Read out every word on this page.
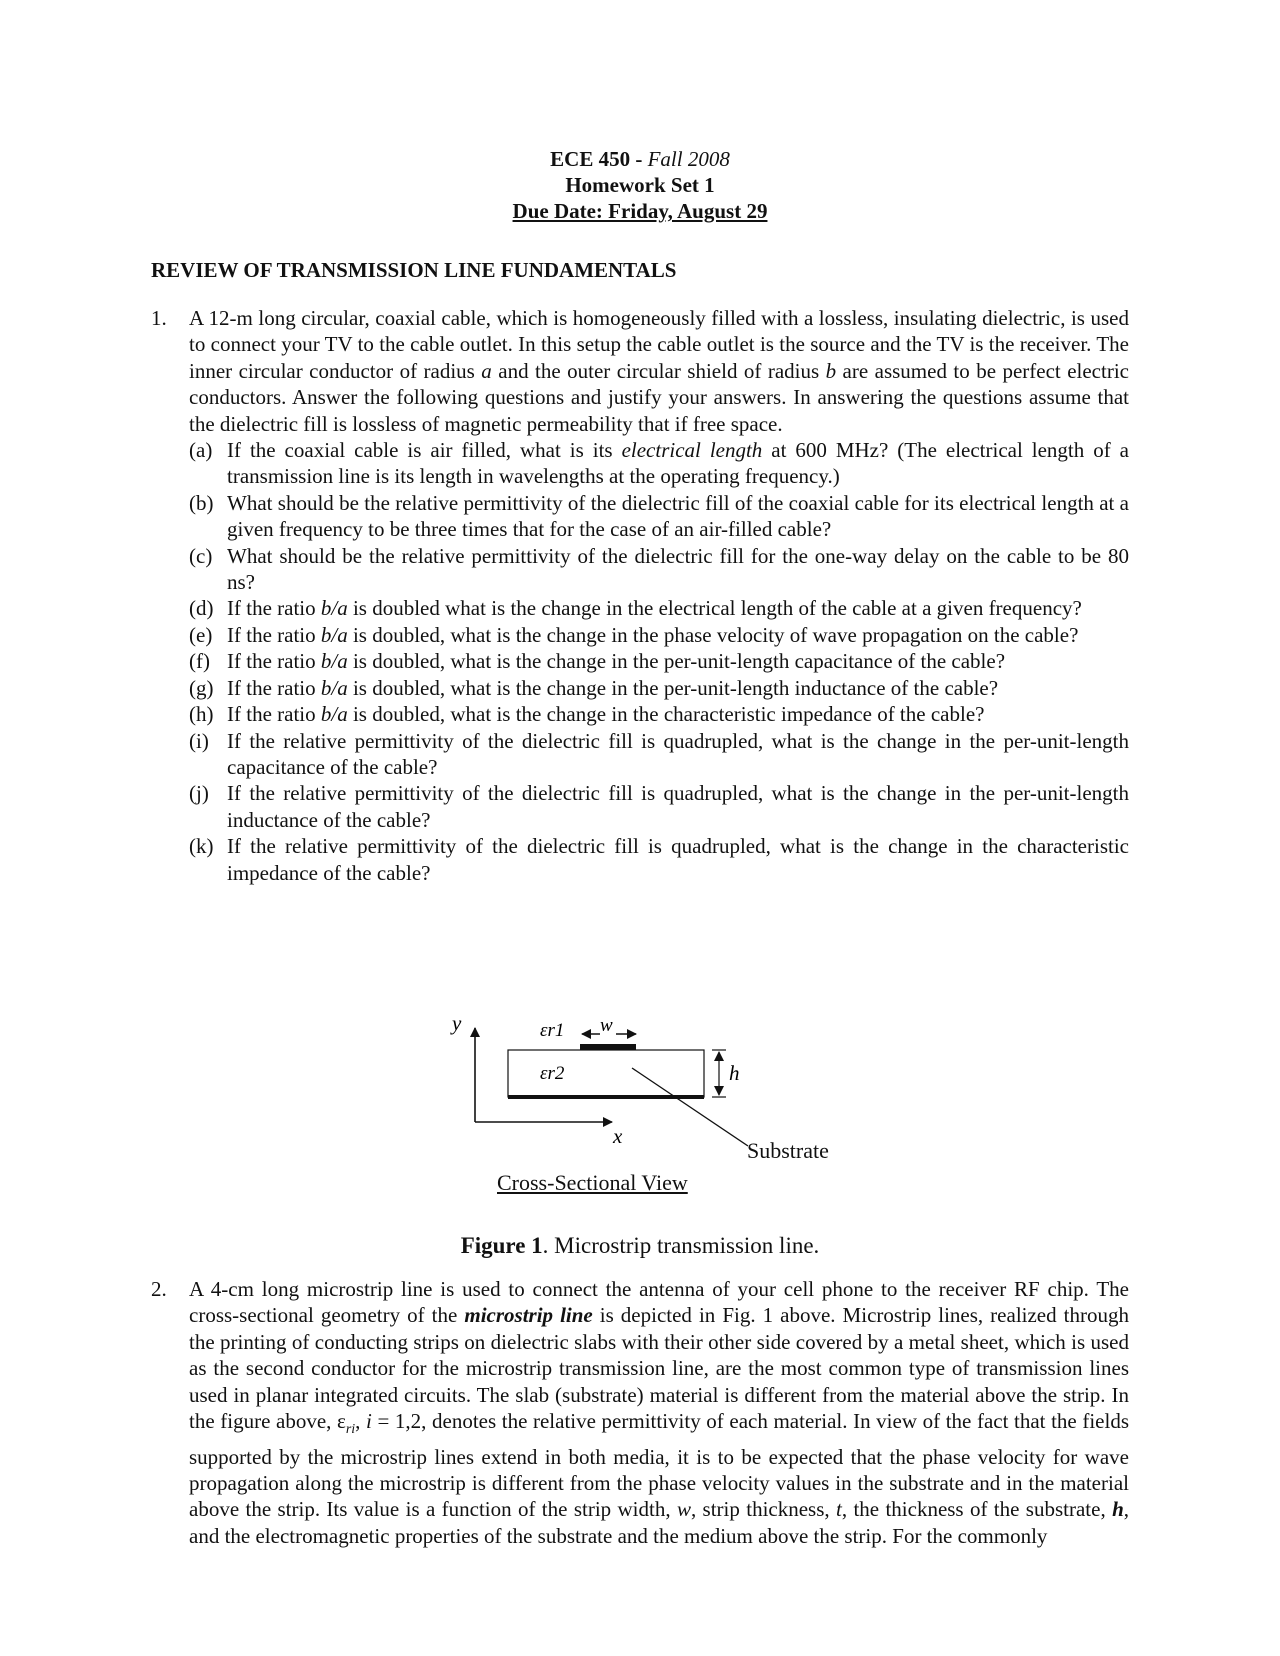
ECE 450 - Fall 2008
Homework Set 1
Due Date: Friday, August 29
REVIEW OF TRANSMISSION LINE FUNDAMENTALS
1. A 12-m long circular, coaxial cable, which is homogeneously filled with a lossless, insulating dielectric, is used to connect your TV to the cable outlet. In this setup the cable outlet is the source and the TV is the receiver. The inner circular conductor of radius a and the outer circular shield of radius b are assumed to be perfect electric conductors. Answer the following questions and justify your answers. In answering the questions assume that the dielectric fill is lossless of magnetic permeability that if free space.
(a) If the coaxial cable is air filled, what is its electrical length at 600 MHz? (The electrical length of a transmission line is its length in wavelengths at the operating frequency.)
(b) What should be the relative permittivity of the dielectric fill of the coaxial cable for its electrical length at a given frequency to be three times that for the case of an air-filled cable?
(c) What should be the relative permittivity of the dielectric fill for the one-way delay on the cable to be 80 ns?
(d) If the ratio b/a is doubled what is the change in the electrical length of the cable at a given frequency?
(e) If the ratio b/a is doubled, what is the change in the phase velocity of wave propagation on the cable?
(f) If the ratio b/a is doubled, what is the change in the per-unit-length capacitance of the cable?
(g) If the ratio b/a is doubled, what is the change in the per-unit-length inductance of the cable?
(h) If the ratio b/a is doubled, what is the change in the characteristic impedance of the cable?
(i) If the relative permittivity of the dielectric fill is quadrupled, what is the change in the per-unit-length capacitance of the cable?
(j) If the relative permittivity of the dielectric fill is quadrupled, what is the change in the per-unit-length inductance of the cable?
(k) If the relative permittivity of the dielectric fill is quadrupled, what is the change in the characteristic impedance of the cable?
y
x
w
εr1
εr2	h
Substrate
Cross-Sectional View
Figure 1. Microstrip transmission line.
2. A 4-cm long microstrip line is used to connect the antenna of your cell phone to the receiver RF chip. The cross-sectional geometry of the microstrip line is depicted in Fig. 1 above. Microstrip lines, realized through the printing of conducting strips on dielectric slabs with their other side covered by a metal sheet, which is used as the second conductor for the microstrip transmission line, are the most common type of transmission lines used in planar integrated circuits. The slab (substrate) material is different from the material above the strip. In the figure above, $\varepsilon_{ri}$, i = 1,2, denotes the relative permittivity of each material. In view of the fact that the fields supported by the microstrip lines extend in both media, it is to be expected that the phase velocity for wave propagation along the microstrip is different from the phase velocity values in the substrate and in the material above the strip. Its value is a function of the strip width, w, strip thickness, t, the thickness of the substrate, h, and the electromagnetic properties of the substrate and the medium above the strip. For the commonly
